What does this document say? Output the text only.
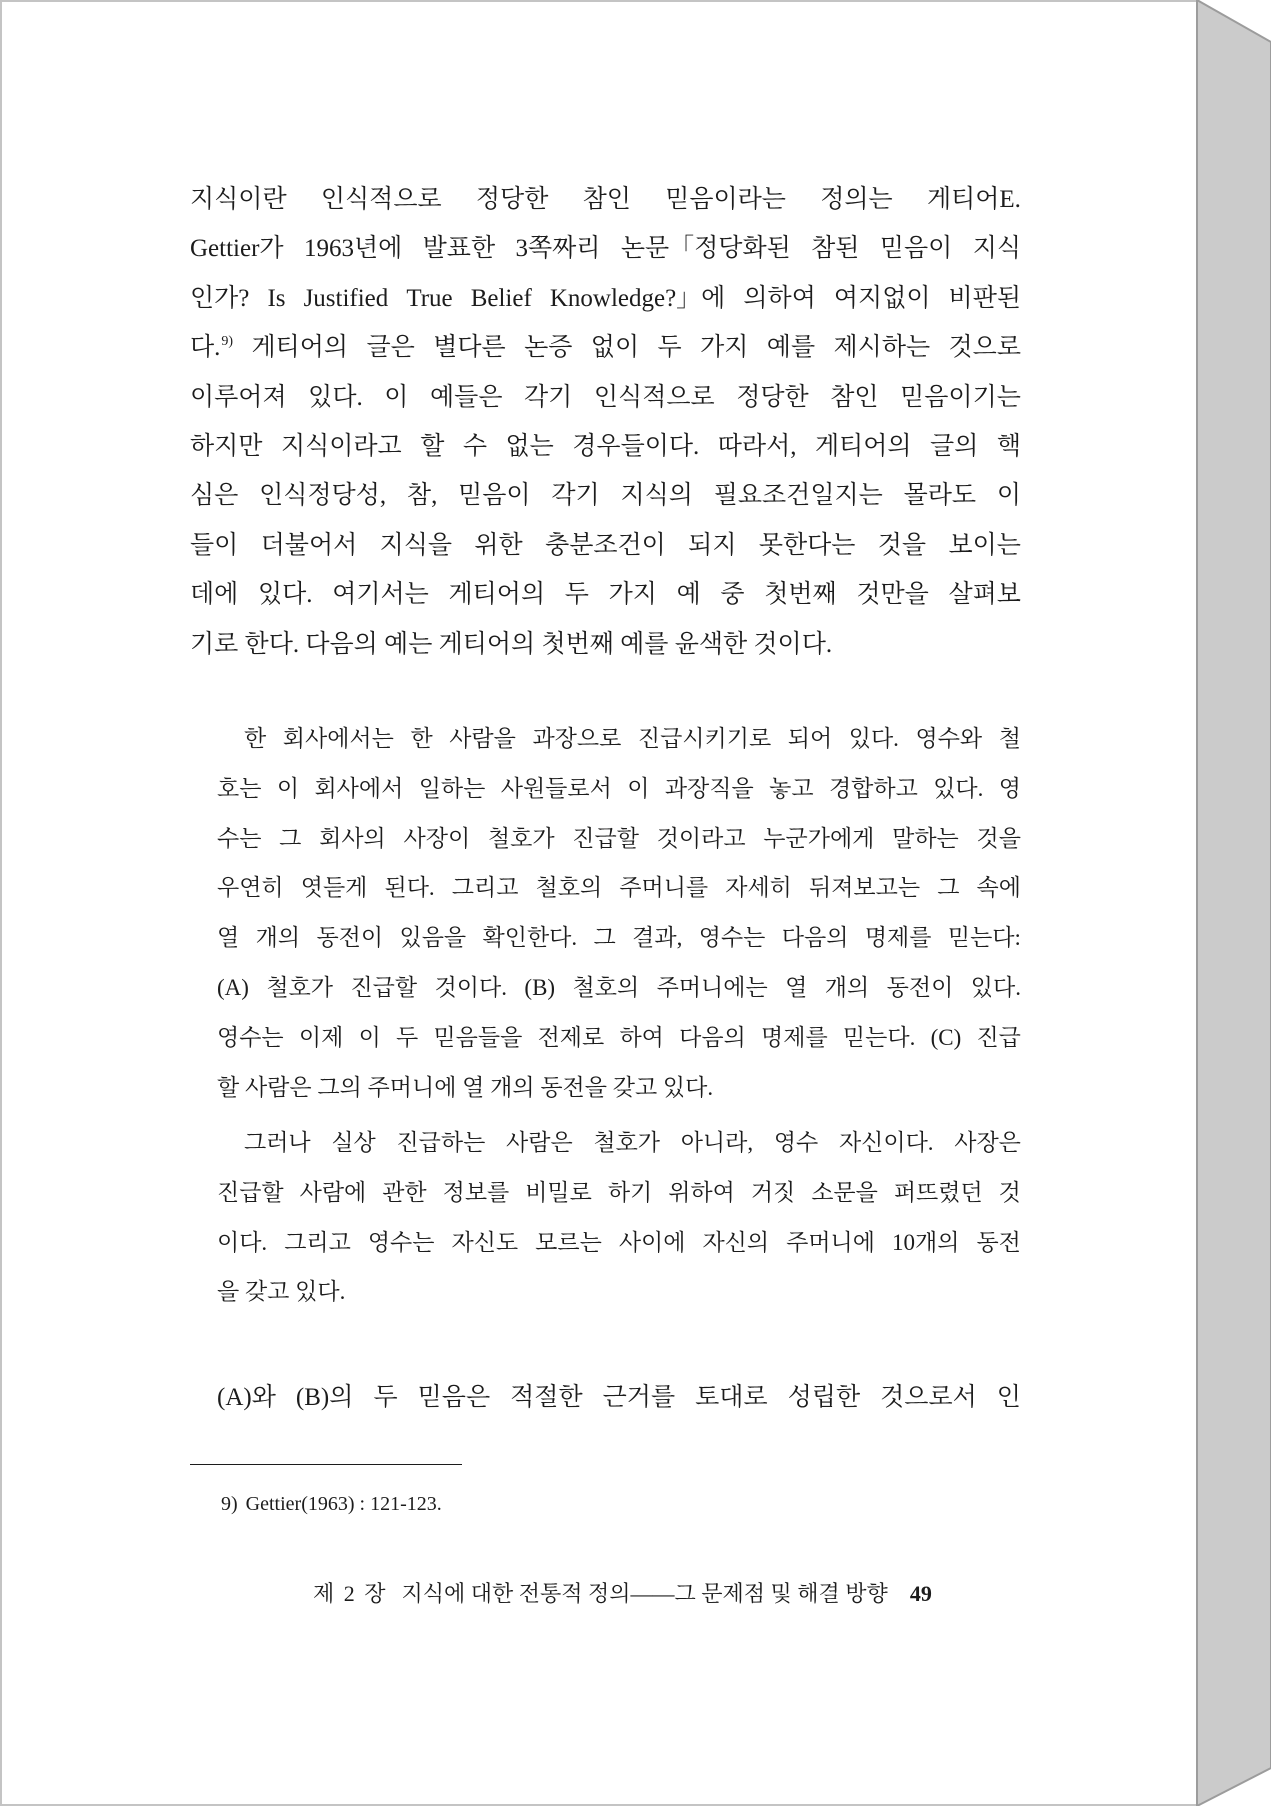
지식이란 인식적으로 정당한 참인 믿음이라는 정의는 게티어E.
Gettier가 1963년에 발표한 3쪽짜리 논문「정당화된 참된 믿음이 지식
인가? Is Justified True Belief Knowledge?」에 의하여 여지없이 비판된
다.$^{9)}$ 게티어의 글은 별다른 논증 없이 두 가지 예를 제시하는 것으로
이루어져 있다. 이 예들은 각기 인식적으로 정당한 참인 믿음이기는
하지만 지식이라고 할 수 없는 경우들이다. 따라서, 게티어의 글의 핵
심은 인식정당성, 참, 믿음이 각기 지식의 필요조건일지는 몰라도 이
들이 더불어서 지식을 위한 충분조건이 되지 못한다는 것을 보이는
데에 있다. 여기서는 게티어의 두 가지 예 중 첫번째 것만을 살펴보
기로 한다. 다음의 예는 게티어의 첫번째 예를 윤색한 것이다.
한 회사에서는 한 사람을 과장으로 진급시키기로 되어 있다. 영수와 철
호는 이 회사에서 일하는 사원들로서 이 과장직을 놓고 경합하고 있다. 영
수는 그 회사의 사장이 철호가 진급할 것이라고 누군가에게 말하는 것을
우연히 엿듣게 된다. 그리고 철호의 주머니를 자세히 뒤져보고는 그 속에
열 개의 동전이 있음을 확인한다. 그 결과, 영수는 다음의 명제를 믿는다:
(A) 철호가 진급할 것이다. (B) 철호의 주머니에는 열 개의 동전이 있다.
영수는 이제 이 두 믿음들을 전제로 하여 다음의 명제를 믿는다. (C) 진급
할 사람은 그의 주머니에 열 개의 동전을 갖고 있다.
그러나 실상 진급하는 사람은 철호가 아니라, 영수 자신이다. 사장은
진급할 사람에 관한 정보를 비밀로 하기 위하여 거짓 소문을 퍼뜨렸던 것
이다. 그리고 영수는 자신도 모르는 사이에 자신의 주머니에 10개의 동전
을 갖고 있다.
(A)와 (B)의 두 믿음은 적절한 근거를 토대로 성립한 것으로서 인
9) Gettier(1963) : 121-123.
제 2 장 지식에 대한 전통적 정의——그 문제점 및 해결 방향 49
